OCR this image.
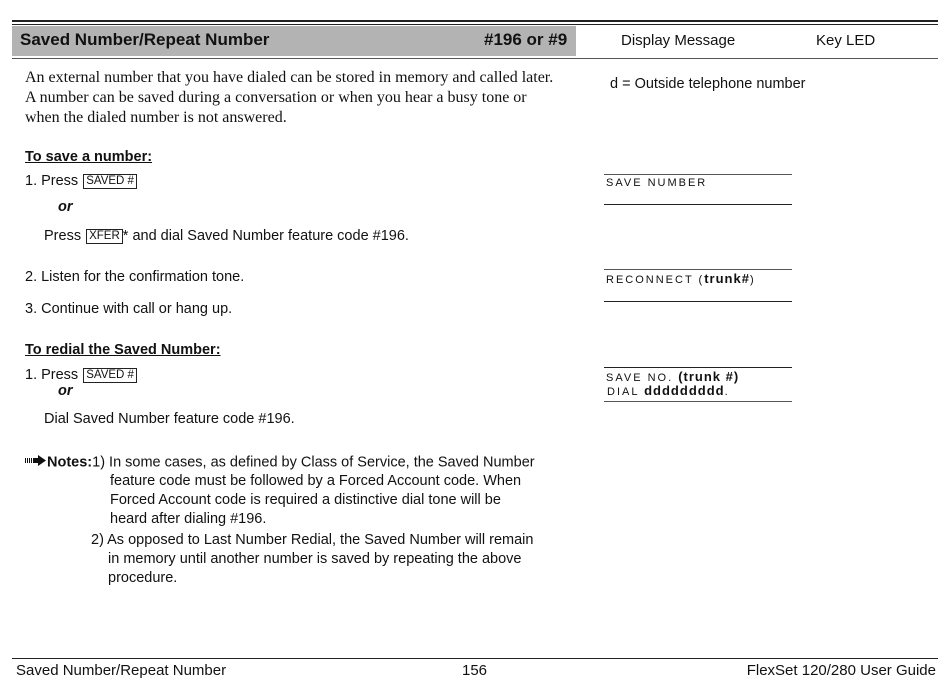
Saved Number/Repeat Number	#196 or #9	Display Message	Key LED
d = Outside telephone number
An external number that you have dialed can be stored in memory and called later. A number can be saved during a conversation or when you hear a busy tone or when the dialed number is not answered.
To save a number:
1. Press SAVED #
or
Press XFER * and dial Saved Number feature code #196.
2. Listen for the confirmation tone.
3. Continue with call or hang up.
To redial the Saved Number:
1. Press SAVED #
or
Dial Saved Number feature code #196.
SAVE NUMBER
RECONNECT (trunk#)
SAVE NO. (trunk #)
DIAL ddddddddd.
Notes:1) In some cases, as defined by Class of Service, the Saved Number
feature code must be followed by a Forced Account code. When
Forced Account code is required a distinctive dial tone will be
heard after dialing #196.
2) As opposed to Last Number Redial, the Saved Number will remain
in memory until another number is saved by repeating the above
procedure.
Saved Number/Repeat Number	156	FlexSet 120/280 User Guide
